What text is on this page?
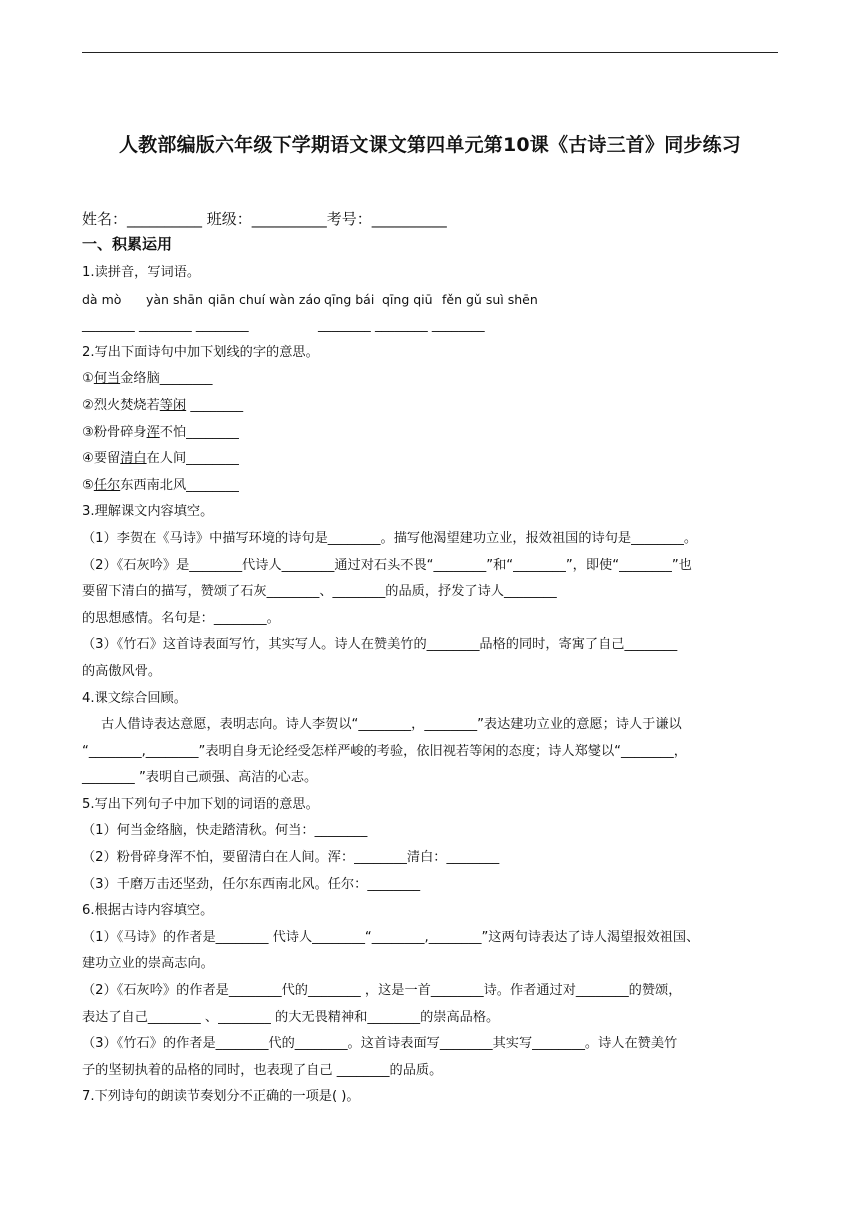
人教部编版六年级下学期语文课文第四单元第10课《古诗三首》同步练习
姓名：__________ 班级：__________考号：__________
一、积累运用
1.读拼音，写词语。
dà mò yàn shān qiān chuí wàn záo qīng bái qīng qiū fěn gǔ suì shēn
________ ________ ________	________ ________ ________
2.写出下面诗句中加下划线的字的意思。
①何当金络脑________
②烈火焚烧若等闲 ________
③粉骨碎身浑不怕________
④要留清白在人间________
⑤任尔东西南北风________
3.理解课文内容填空。
（1）李贺在《马诗》中描写环境的诗句是________。描写他渴望建功立业，报效祖国的诗句是________。
（2）《石灰吟》是________代诗人________通过对石头不畏“________”和“________”，即使“________”也
要留下清白的描写，赞颂了石灰________、________的品质，抒发了诗人________
的思想感情。名句是：________。
（3）《竹石》这首诗表面写竹，其实写人。诗人在赞美竹的________品格的同时，寄寓了自己________
的高傲风骨。
4.课文综合回顾。
古人借诗表达意愿，表明志向。诗人李贺以“________，________”表达建功立业的意愿；诗人于谦以
“________,________”表明自身无论经受怎样严峻的考验，依旧视若等闲的态度；诗人郑燮以“________，
________ ”表明自己顽强、高洁的心志。
5.写出下列句子中加下划的词语的意思。
（1）何当金络脑，快走踏清秋。何当：________
（2）粉骨碎身浑不怕，要留清白在人间。浑：________清白：________
（3）千磨万击还坚劲，任尔东西南北风。任尔：________
6.根据古诗内容填空。
（1）《马诗》的作者是________ 代诗人________“________,________”这两句诗表达了诗人渴望报效祖国、
建功立业的崇高志向。
（2）《石灰吟》的作者是________代的________ ，这是一首________诗。作者通过对________的赞颂，
表达了自己________ 、________ 的大无畏精神和________的崇高品格。
（3）《竹石》的作者是________代的________。这首诗表面写________其实写________。诗人在赞美竹
子的坚韧执着的品格的同时，也表现了自己 ________的品质。
7.下列诗句的朗读节奏划分不正确的一项是( )。
